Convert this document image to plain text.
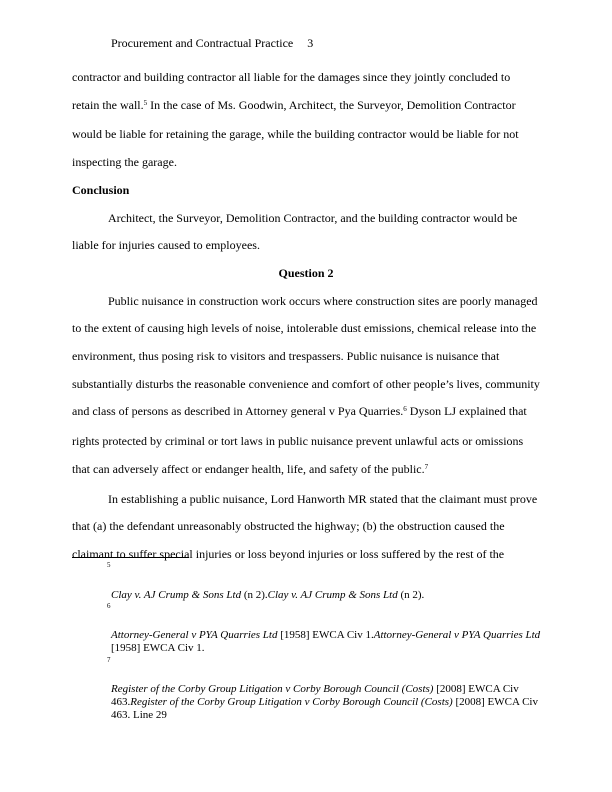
Procurement and Contractual Practice 3

contractor and building contractor all liable for the damages since they jointly concluded to retain the wall.$^5$ In the case of Ms. Goodwin, Architect, the Surveyor, Demolition Contractor would be liable for retaining the garage, while the building contractor would be liable for not inspecting the garage.

Conclusion

Architect, the Surveyor, Demolition Contractor, and the building contractor would be liable for injuries caused to employees.

Question 2

Public nuisance in construction work occurs where construction sites are poorly managed to the extent of causing high levels of noise, intolerable dust emissions, chemical release into the environment, thus posing risk to visitors and trespassers. Public nuisance is nuisance that substantially disturbs the reasonable convenience and comfort of other people’s lives, community and class of persons as described in Attorney general v Pya Quarries.$^6$ Dyson LJ explained that rights protected by criminal or tort laws in public nuisance prevent unlawful acts or omissions that can adversely affect or endanger health, life, and safety of the public.$^7$

In establishing a public nuisance, Lord Hanworth MR stated that the claimant must prove that (a) the defendant unreasonably obstructed the highway; (b) the obstruction caused the claimant to suffer special injuries or loss beyond injuries or loss suffered by the rest of the

5
Clay v. AJ Crump & Sons Ltd (n 2).Clay v. AJ Crump & Sons Ltd (n 2).
6
Attorney-General v PYA Quarries Ltd [1958] EWCA Civ 1.Attorney-General v PYA Quarries Ltd [1958] EWCA Civ 1.
7
Register of the Corby Group Litigation v Corby Borough Council (Costs) [2008] EWCA Civ 463.Register of the Corby Group Litigation v Corby Borough Council (Costs) [2008] EWCA Civ 463. Line 29
